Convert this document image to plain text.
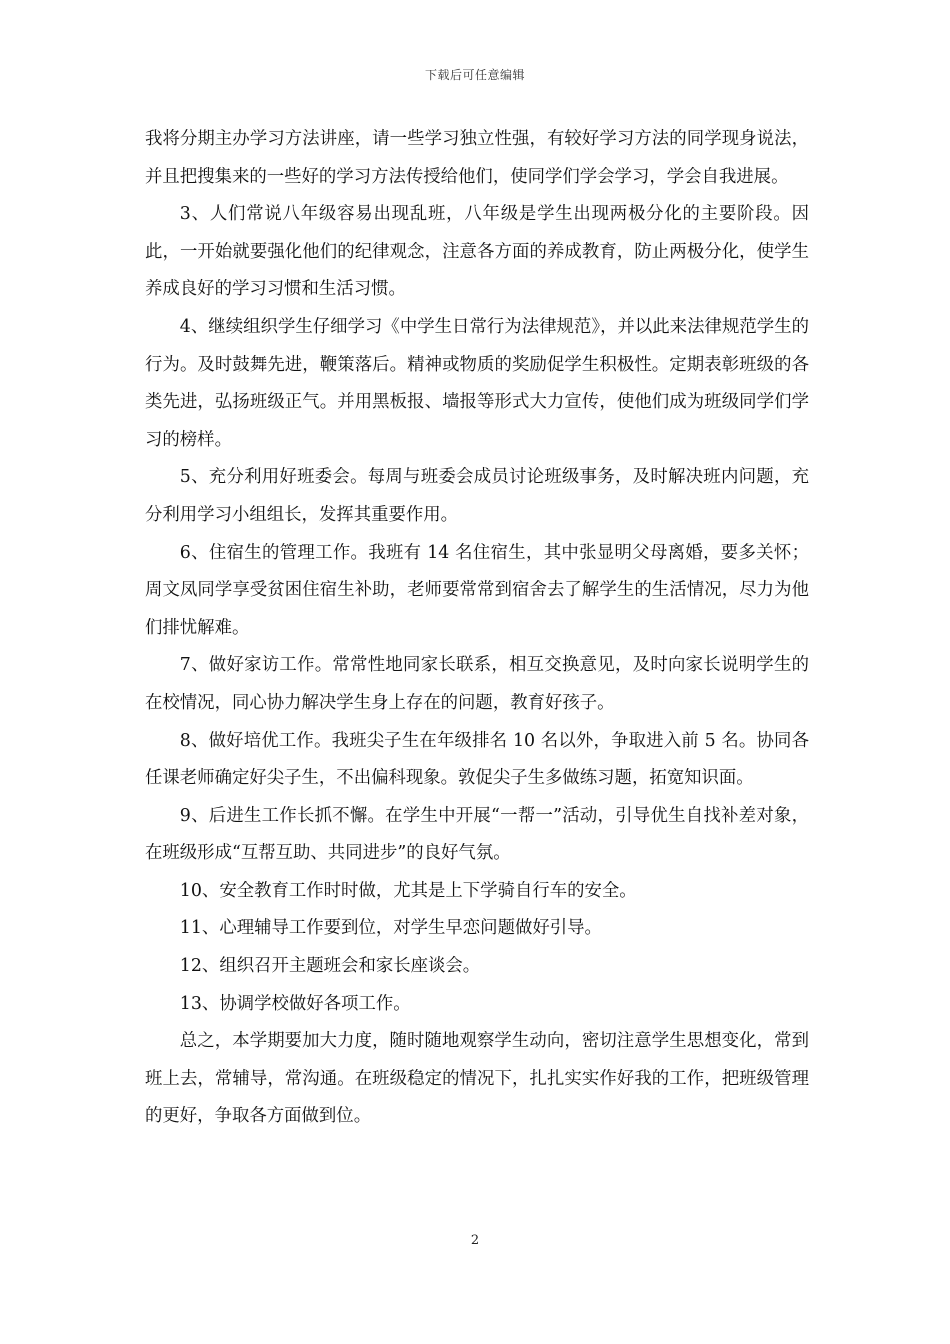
下载后可任意编辑

我将分期主办学习方法讲座，请一些学习独立性强，有较好学习方法的同学现身说法，并且把搜集来的一些好的学习方法传授给他们，使同学们学会学习，学会自我进展。

3、人们常说八年级容易出现乱班，八年级是学生出现两极分化的主要阶段。因此，一开始就要强化他们的纪律观念，注意各方面的养成教育，防止两极分化，使学生养成良好的学习习惯和生活习惯。

4、继续组织学生仔细学习《中学生日常行为法律规范》，并以此来法律规范学生的行为。及时鼓舞先进，鞭策落后。精神或物质的奖励促学生积极性。定期表彰班级的各类先进，弘扬班级正气。并用黑板报、墙报等形式大力宣传，使他们成为班级同学们学习的榜样。

5、充分利用好班委会。每周与班委会成员讨论班级事务，及时解决班内问题，充分利用学习小组组长，发挥其重要作用。

6、住宿生的管理工作。我班有 14 名住宿生，其中张显明父母离婚，要多关怀；周文凤同学享受贫困住宿生补助，老师要常常到宿舍去了解学生的生活情况，尽力为他们排忧解难。

7、做好家访工作。常常性地同家长联系，相互交换意见，及时向家长说明学生的在校情况，同心协力解决学生身上存在的问题，教育好孩子。

8、做好培优工作。我班尖子生在年级排名 10 名以外，争取进入前 5 名。协同各任课老师确定好尖子生，不出偏科现象。敦促尖子生多做练习题，拓宽知识面。

9、后进生工作长抓不懈。在学生中开展“一帮一”活动，引导优生自找补差对象，在班级形成“互帮互助、共同进步”的良好气氛。

10、安全教育工作时时做，尤其是上下学骑自行车的安全。

11、心理辅导工作要到位，对学生早恋问题做好引导。

12、组织召开主题班会和家长座谈会。

13、协调学校做好各项工作。

总之，本学期要加大力度，随时随地观察学生动向，密切注意学生思想变化，常到班上去，常辅导，常沟通。在班级稳定的情况下，扎扎实实作好我的工作，把班级管理的更好，争取各方面做到位。

2
